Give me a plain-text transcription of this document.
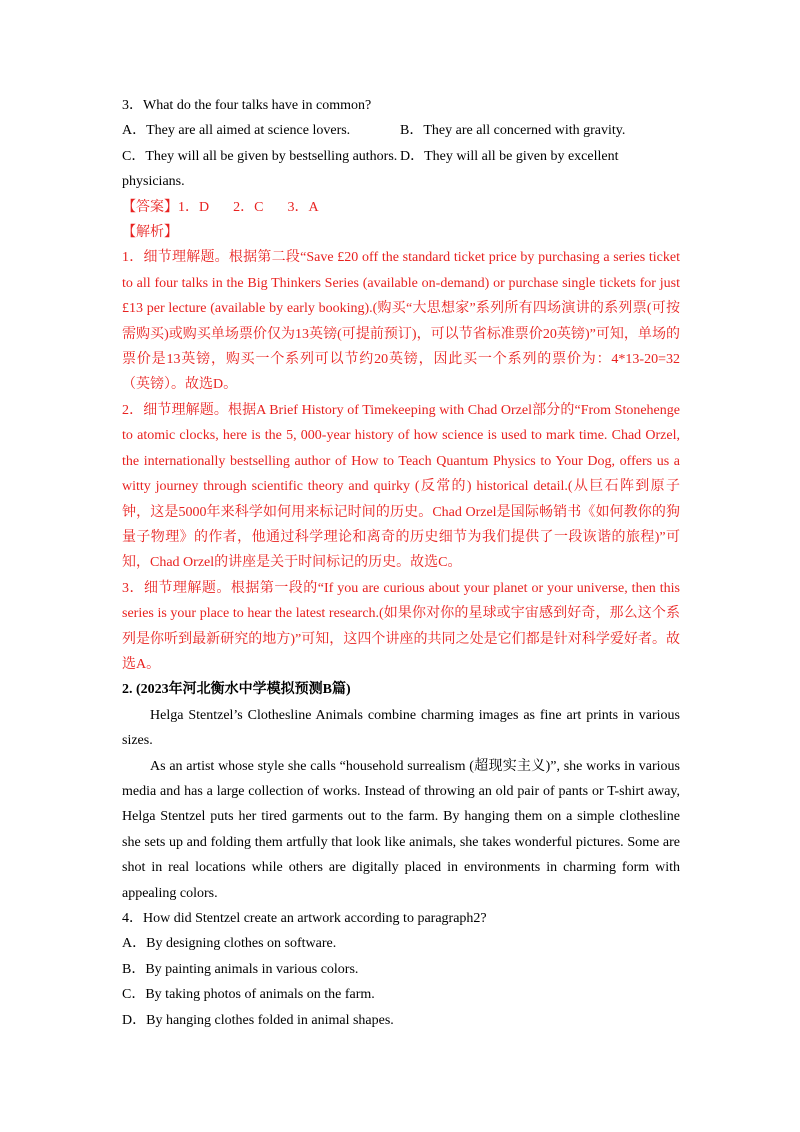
3．What do the four talks have in common?
A．They are all aimed at science lovers.	B．They are all concerned with gravity.
C．They will all be given by bestselling authors. D．They will all be given by excellent
physicians.
【答案】1．D 2．C 3．A
【解析】
1．细节理解题。根据第二段“Save £20 off the standard ticket price by purchasing a series ticket to all four talks in the Big Thinkers Series (available on-demand) or purchase single tickets for just £13 per lecture (available by early booking).(购买“大思想家”系列所有四场演讲的系列票(可按需购买)或购买单场票价仅为13英镑(可提前预订)，可以节省标准票价20英镑)”可知，单场的票价是13英镑，购买一个系列可以节约20英镑，因此买一个系列的票价为：4*13-20=32（英镑）。故选D。
2．细节理解题。根据A Brief History of Timekeeping with Chad Orzel部分的“From Stonehenge to atomic clocks, here is the 5, 000-year history of how science is used to mark time. Chad Orzel, the internationally bestselling author of How to Teach Quantum Physics to Your Dog, offers us a witty journey through scientific theory and quirky (反常的) historical detail.(从巨石阵到原子钟，这是5000年来科学如何用来标记时间的历史。Chad Orzel是国际畅销书《如何教你的狗量子物理》的作者，他通过科学理论和离奇的历史细节为我们提供了一段诙谐的旅程)”可知，Chad Orzel的讲座是关于时间标记的历史。故选C。
3．细节理解题。根据第一段的“If you are curious about your planet or your universe, then this series is your place to hear the latest research.(如果你对你的星球或宇宙感到好奇，那么这个系列是你听到最新研究的地方)”可知，这四个讲座的共同之处是它们都是针对科学爱好者。故选A。
2. (2023年河北衡水中学模拟预测B篇)
Helga Stentzel’s Clothesline Animals combine charming images as fine art prints in various sizes.
As an artist whose style she calls “household surrealism (超现实主义)”, she works in various media and has a large collection of works. Instead of throwing an old pair of pants or T-shirt away, Helga Stentzel puts her tired garments out to the farm. By hanging them on a simple clothesline she sets up and folding them artfully that look like animals, she takes wonderful pictures. Some are shot in real locations while others are digitally placed in environments in charming form with appealing colors.
4．How did Stentzel create an artwork according to paragraph2?
A．By designing clothes on software.
B．By painting animals in various colors.
C．By taking photos of animals on the farm.
D．By hanging clothes folded in animal shapes.
